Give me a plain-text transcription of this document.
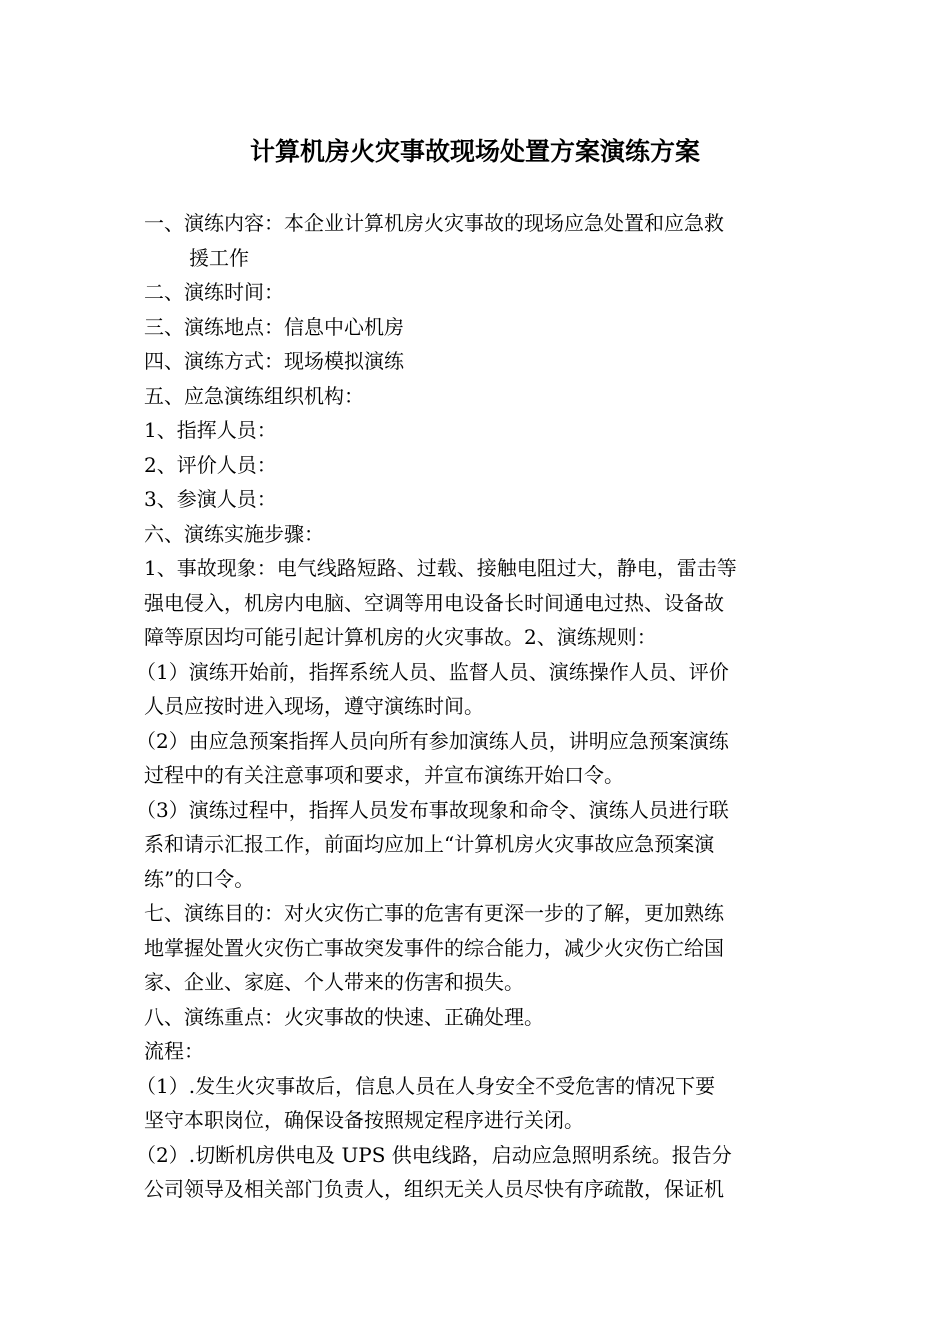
计算机房火灾事故现场处置方案演练方案
一、演练内容：本企业计算机房火灾事故的现场应急处置和应急救
援工作
二、演练时间：
三、演练地点：信息中心机房
四、演练方式：现场模拟演练
五、应急演练组织机构：
1、指挥人员：
2、评价人员：
3、参演人员：
六、演练实施步骤：
1、事故现象：电气线路短路、过载、接触电阻过大，静电，雷击等
强电侵入，机房内电脑、空调等用电设备长时间通电过热、设备故
障等原因均可能引起计算机房的火灾事故。2、演练规则：
（1）演练开始前，指挥系统人员、监督人员、演练操作人员、评价
人员应按时进入现场，遵守演练时间。
（2）由应急预案指挥人员向所有参加演练人员，讲明应急预案演练
过程中的有关注意事项和要求，并宣布演练开始口令。
（3）演练过程中，指挥人员发布事故现象和命令、演练人员进行联
系和请示汇报工作，前面均应加上“计算机房火灾事故应急预案演
练”的口令。
七、演练目的：对火灾伤亡事的危害有更深一步的了解，更加熟练
地掌握处置火灾伤亡事故突发事件的综合能力，减少火灾伤亡给国
家、企业、家庭、个人带来的伤害和损失。
八、演练重点：火灾事故的快速、正确处理。
流程：
（1）.发生火灾事故后，信息人员在人身安全不受危害的情况下要
坚守本职岗位，确保设备按照规定程序进行关闭。
（2）.切断机房供电及 UPS 供电线路，启动应急照明系统。报告分
公司领导及相关部门负责人，组织无关人员尽快有序疏散，保证机
